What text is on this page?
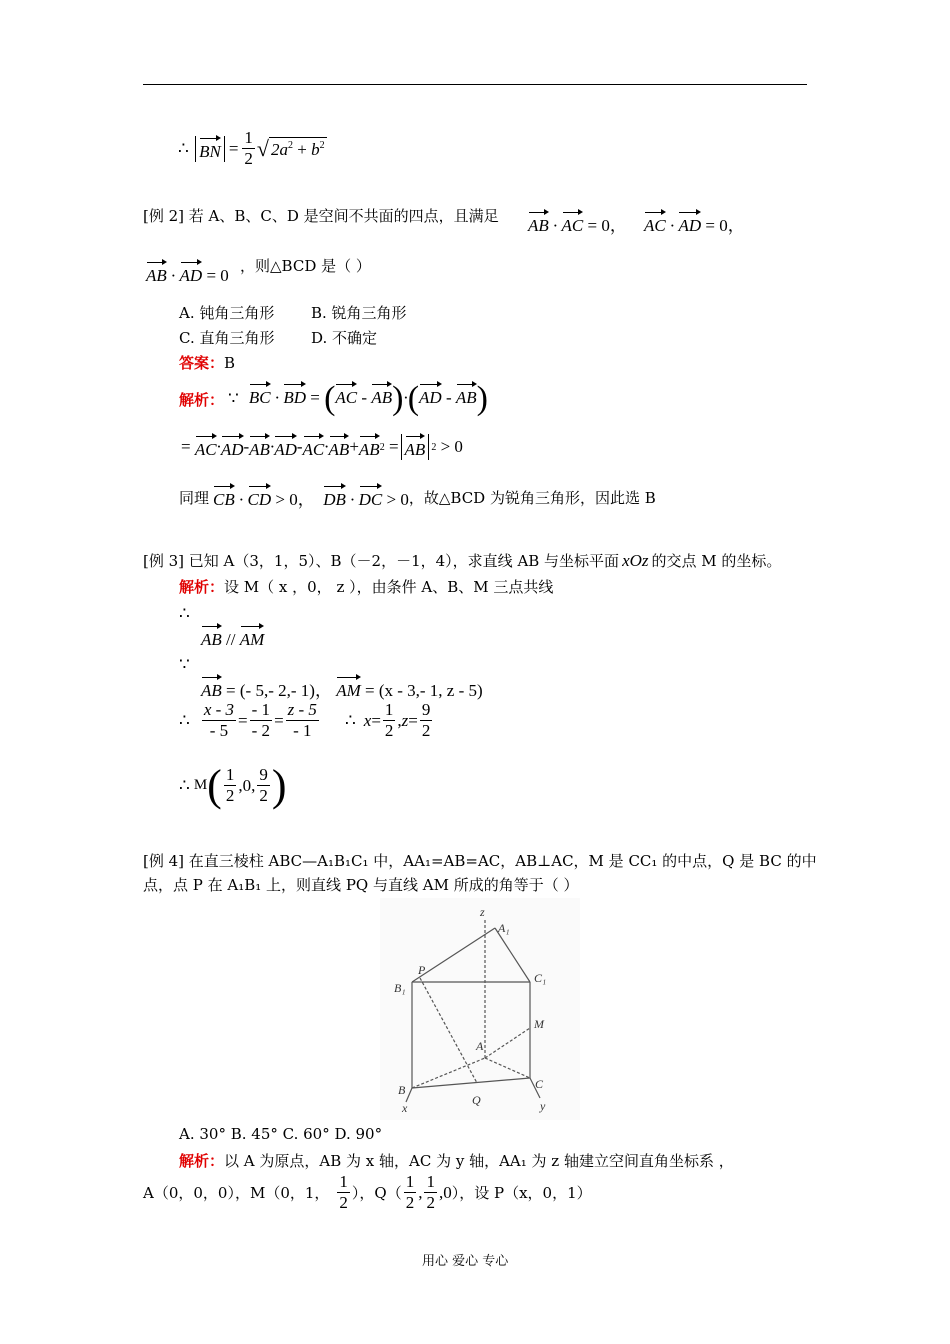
∴
BN = $\frac{1}{2}$ √ $2a^2 + b^2$
[例 2] 若 A、B、C、D 是空间不共面的四点，且满足 AB · AC = 0， AC · AD = 0，
AB · AD = 0 ，则△BCD 是（ ）
A. 钝角三角形 B. 锐角三角形
C. 直角三角形 D. 不确定
答案：B
解析： ∵ BC · BD = (AC - AB)·(AD - AB)
=
AC · AD - AB · AD - AC · AB + AB 2
= AB 2
> 0
同理 CB · CD > 0， DB · DC > 0 ，故△BCD 为锐角三角形，因此选 B
[例 3] 已知 A（3，1，5）、B（－2，－1，4），求直线 AB 与坐标平面 xOz 的交点 M 的坐标。
解析：设 M（ x ，0， z ），由条件 A、B、M 三点共线
∴
AB // AM
∵
AB = (- 5,- 2,- 1)， AM = (x - 3,- 1, z - 5)
∴ $\frac{x - 3}{- 5} = \frac{- 1}{- 2} = \frac{z - 5}{- 1}$ ∴ $x = \frac{1}{2}$ , $z = \frac{9}{2}$
∴ M ( $\frac{1}{2} ,0$, $\frac{9}{2}$ )
[例 4] 在直三棱柱 ABC—A₁B₁C₁ 中，AA₁=AB=AC，AB⊥AC，M 是 CC₁ 的中点，Q 是 BC 的中
点，点 P 在 A₁B₁ 上，则直线 PQ 与直线 AM 所成的角等于（ ）
z
A₁
P
B₁
C₁
M
A
B	C
Q
x	y
A. 30° B. 45° C. 60° D. 90°
解析：以 A 为原点，AB 为 x 轴，AC 为 y 轴，AA₁ 为 z 轴建立空间直角坐标系 ，
A（0，0，0），M（0，1， $\frac{1}{2}$ ），$Q( \frac{1}{2}$ , $\frac{1}{2} ,0$ ），设 P（x，0，1）
用心 爱心 专心
